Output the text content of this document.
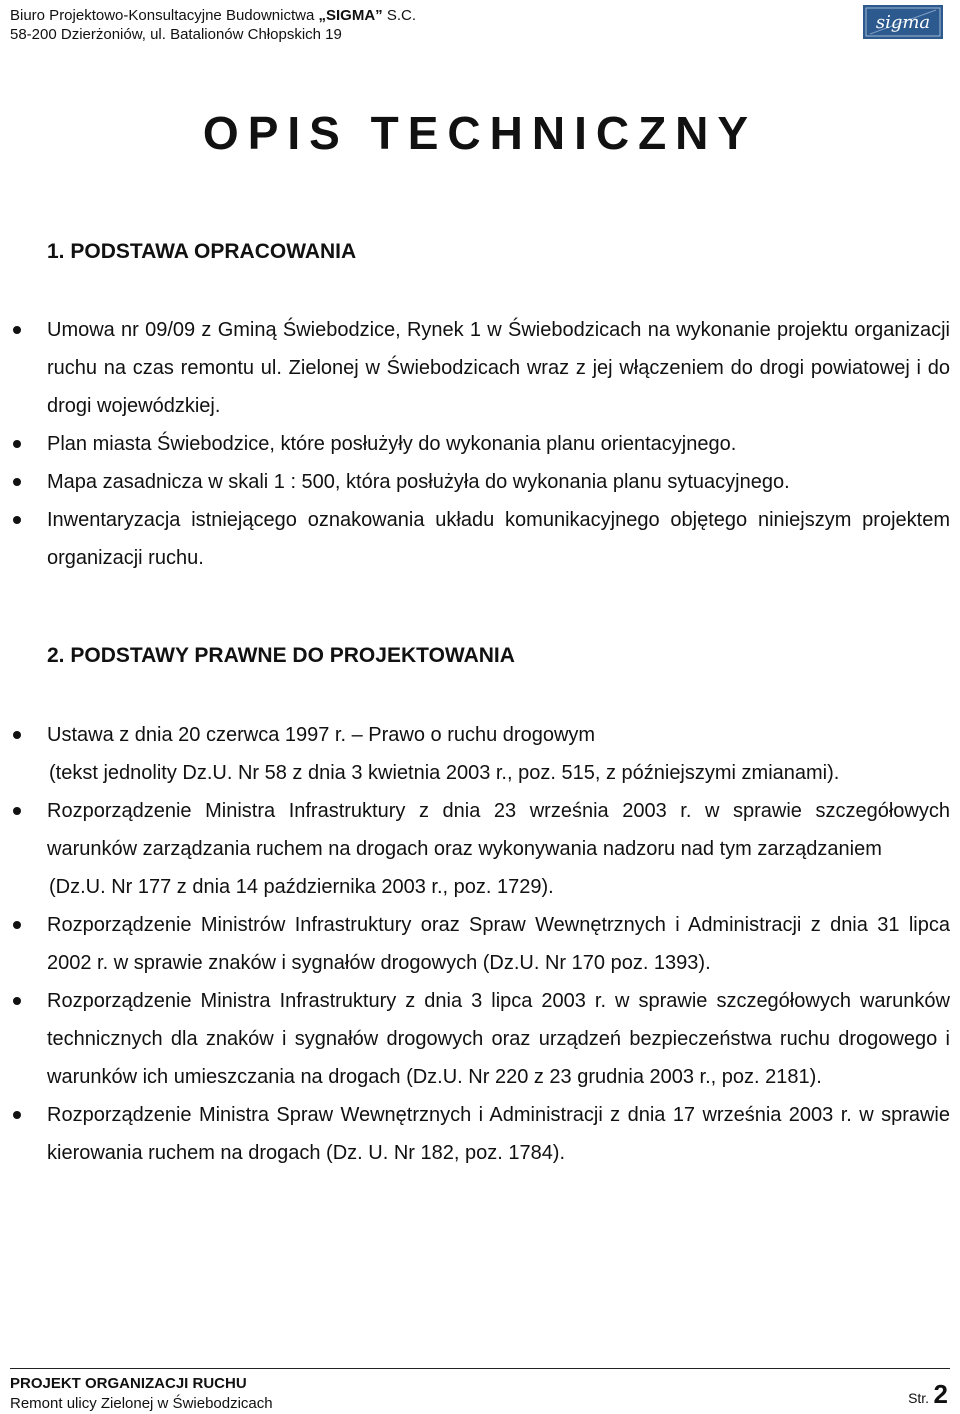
Biuro Projektowo-Konsultacyjne Budownictwa „SIGMA” S.C.
58-200 Dzierżoniów, ul. Batalionów Chłopskich 19
sigma
OPIS TECHNICZNY
1. PODSTAWA OPRACOWANIA
Umowa nr 09/09 z Gminą Świebodzice, Rynek 1 w Świebodzicach na wykonanie projektu organizacji ruchu na czas remontu ul. Zielonej w Świebodzicach wraz z jej włączeniem do drogi powiatowej i do drogi wojewódzkiej.
Plan miasta Świebodzice, które posłużyły do wykonania planu orientacyjnego.
Mapa zasadnicza w skali 1 : 500, która posłużyła do wykonania planu sytuacyjnego.
Inwentaryzacja istniejącego oznakowania układu komunikacyjnego objętego niniejszym projektem organizacji ruchu.
2. PODSTAWY PRAWNE DO PROJEKTOWANIA
Ustawa z dnia 20 czerwca 1997 r. – Prawo o ruchu drogowym
(tekst jednolity Dz.U. Nr 58 z dnia 3 kwietnia 2003 r., poz. 515, z późniejszymi zmianami).
Rozporządzenie Ministra Infrastruktury z dnia 23 września 2003 r. w sprawie szczegółowych warunków zarządzania ruchem na drogach oraz wykonywania nadzoru nad tym zarządzaniem
(Dz.U. Nr 177 z dnia 14 października 2003 r., poz. 1729).
Rozporządzenie Ministrów Infrastruktury oraz Spraw Wewnętrznych i Administracji z dnia 31 lipca 2002 r. w sprawie znaków i sygnałów drogowych (Dz.U. Nr 170 poz. 1393).
Rozporządzenie Ministra Infrastruktury z dnia 3 lipca 2003 r. w sprawie szczegółowych warunków technicznych dla znaków i sygnałów drogowych oraz urządzeń bezpieczeństwa ruchu drogowego i warunków ich umieszczania na drogach (Dz.U. Nr 220 z 23 grudnia 2003 r., poz. 2181).
Rozporządzenie Ministra Spraw Wewnętrznych i Administracji z dnia 17 września 2003 r. w sprawie kierowania ruchem na drogach (Dz. U. Nr 182, poz. 1784).
PROJEKT ORGANIZACJI RUCHU
Remont ulicy Zielonej w Świebodzicach	Str. 2
